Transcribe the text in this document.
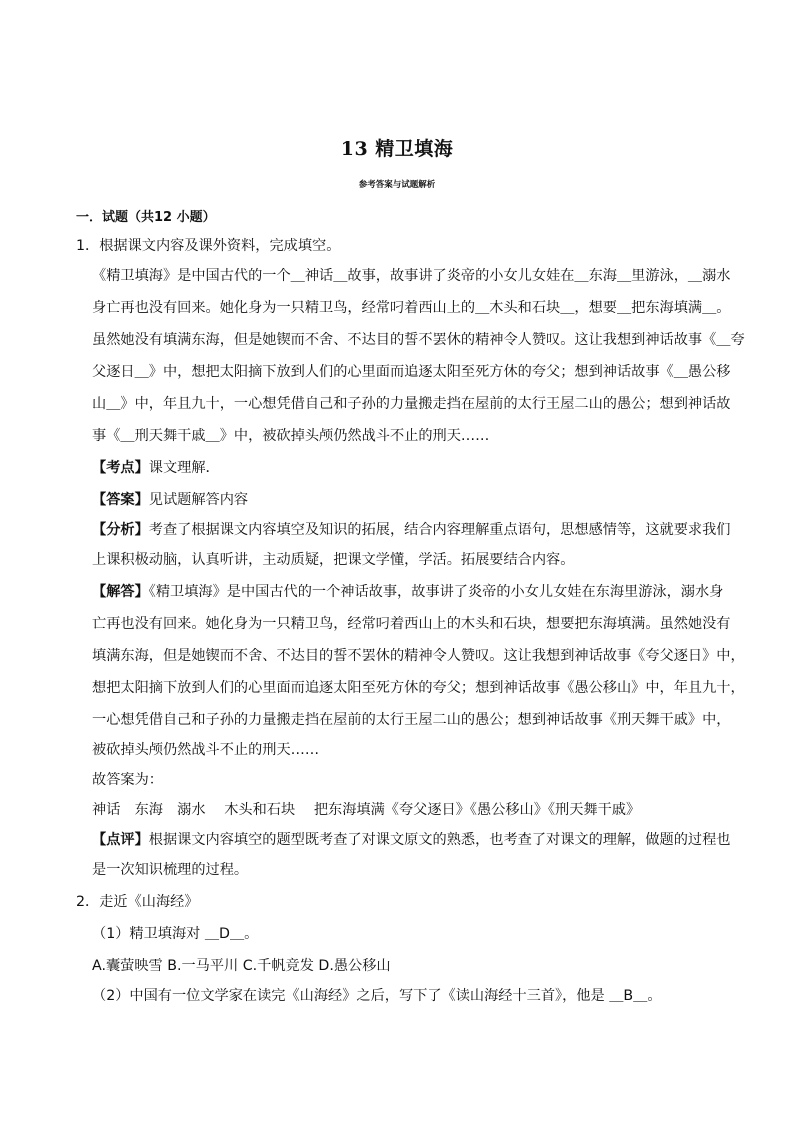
13 精卫填海
参考答案与试题解析
一．试题（共12 小题）
1．根据课文内容及课外资料，完成填空。
《精卫填海》是中国古代的一个＿神话＿故事，故事讲了炎帝的小女儿女娃在＿东海＿里游泳，＿溺水
身亡再也没有回来。她化身为一只精卫鸟，经常叼着西山上的＿木头和石块＿，想要＿把东海填满＿。
虽然她没有填满东海，但是她锲而不舍、不达目的誓不罢休的精神令人赞叹。这让我想到神话故事《＿夸
父逐日＿》中，想把太阳摘下放到人们的心里面而追逐太阳至死方休的夸父；想到神话故事《＿愚公移
山＿》中，年且九十，一心想凭借自己和子孙的力量搬走挡在屋前的太行王屋二山的愚公；想到神话故
事《＿刑天舞干戚＿》中，被砍掉头颅仍然战斗不止的刑天……
【考点】课文理解．
【答案】见试题解答内容
【分析】考查了根据课文内容填空及知识的拓展，结合内容理解重点语句，思想感情等，这就要求我们
上课积极动脑，认真听讲，主动质疑，把课文学懂，学活。拓展要结合内容。
【解答】《精卫填海》是中国古代的一个神话故事，故事讲了炎帝的小女儿女娃在东海里游泳，溺水身
亡再也没有回来。她化身为一只精卫鸟，经常叼着西山上的木头和石块，想要把东海填满。虽然她没有
填满东海，但是她锲而不舍、不达目的誓不罢休的精神令人赞叹。这让我想到神话故事《夸父逐日》中，
想把太阳摘下放到人们的心里面而追逐太阳至死方休的夸父；想到神话故事《愚公移山》中，年且九十，
一心想凭借自己和子孙的力量搬走挡在屋前的太行王屋二山的愚公；想到神话故事《刑天舞干戚》中，
被砍掉头颅仍然战斗不止的刑天……
故答案为：
神话　东海　溺水　 木头和石块　 把东海填满《夸父逐日》《愚公移山》《刑天舞干戚》
【点评】根据课文内容填空的题型既考查了对课文原文的熟悉，也考查了对课文的理解，做题的过程也
是一次知识梳理的过程。
2．走近《山海经》
（1）精卫填海对 ＿D＿。
A.囊萤映雪 B.一马平川 C.千帆竞发 D.愚公移山
（2）中国有一位文学家在读完《山海经》之后，写下了《读山海经十三首》，他是 ＿B＿。
